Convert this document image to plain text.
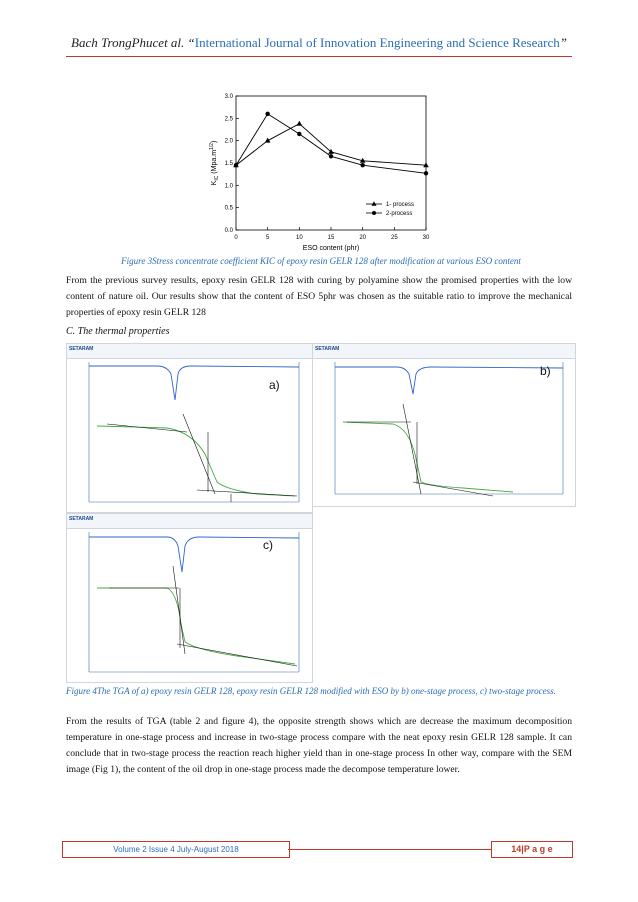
Bach TrongPhucet al. “International Journal of Innovation Engineering and Science Research”
0	5	10	15	20	25	30
0.0
0.5
1.0
1.5
2.0
2.5
3.0
ESO content (phr)
$K_{IC}$ $(Mpa.m^{1/2})$
1- process
2-process
Figure 3Stress concentrate coefficient KIC of epoxy resin GELR 128 after modification at various ESO content
From the previous survey results, epoxy resin GELR 128 with curing by polyamine show the promised properties with the low content of nature oil. Our results show that the content of ESO 5phr was chosen as the suitable ratio to improve the mechanical properties of epoxy resin GELR 128
C. The thermal properties
SETARAM
a)
SETARAM
b)
SETARAM
c)
Figure 4The TGA of a) epoxy resin GELR 128, epoxy resin GELR 128 modified with ESO by b) one-stage process, c) two-stage process.
From the results of TGA (table 2 and figure 4), the opposite strength shows which are decrease the maximum decomposition temperature in one-stage process and increase in two-stage process compare with the neat epoxy resin GELR 128 sample. It can conclude that in two-stage process the reaction reach higher yield than in one-stage process In other way, compare with the SEM image (Fig 1), the content of the oil drop in one-stage process made the decompose temperature lower.
Volume 2 Issue 4 July-August 2018	14|P a g e
